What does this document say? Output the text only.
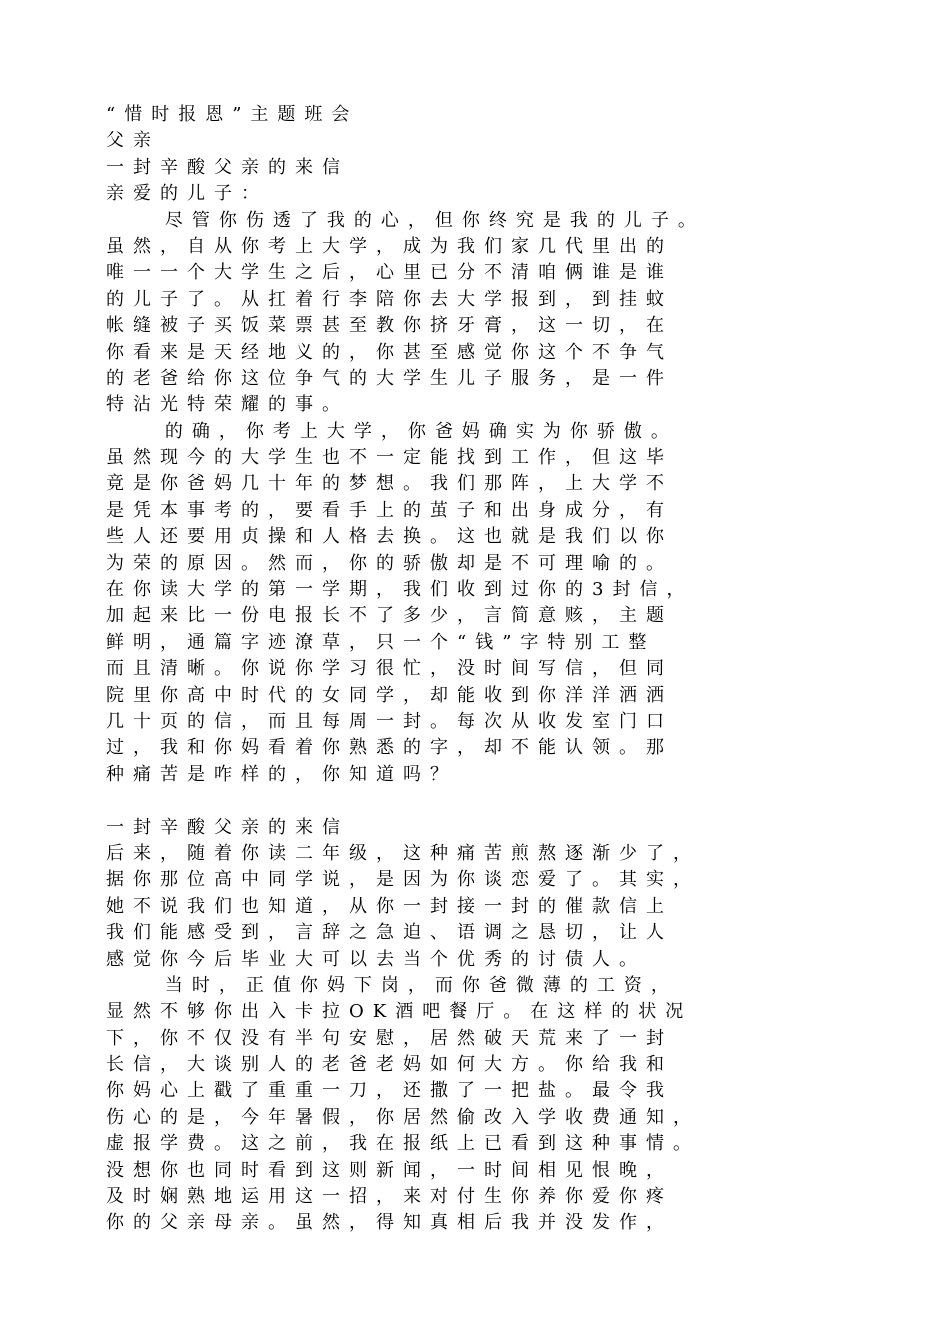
“惜时报恩”主题班会
父亲
一封辛酸父亲的来信
亲爱的儿子：
尽管你伤透了我的心，但你终究是我的儿子。
虽然，自从你考上大学，成为我们家几代里出的
唯一一个大学生之后，心里已分不清咱俩谁是谁
的儿子了。从扛着行李陪你去大学报到，到挂蚊
帐缝被子买饭菜票甚至教你挤牙膏，这一切，在
你看来是天经地义的，你甚至感觉你这个不争气
的老爸给你这位争气的大学生儿子服务，是一件
特沾光特荣耀的事。
的确，你考上大学，你爸妈确实为你骄傲。
虽然现今的大学生也不一定能找到工作，但这毕
竟是你爸妈几十年的梦想。我们那阵，上大学不
是凭本事考的，要看手上的茧子和出身成分，有
些人还要用贞操和人格去换。这也就是我们以你
为荣的原因。然而，你的骄傲却是不可理喻的。
在你读大学的第一学期，我们收到过你的3封信，
加起来比一份电报长不了多少，言简意赅，主题
鲜明，通篇字迹潦草，只一个“钱”字特别工整
而且清晰。你说你学习很忙，没时间写信，但同
院里你高中时代的女同学，却能收到你洋洋洒洒
几十页的信，而且每周一封。每次从收发室门口
过，我和你妈看着你熟悉的字，却不能认领。那
种痛苦是咋样的，你知道吗？
一封辛酸父亲的来信
后来，随着你读二年级，这种痛苦煎熬逐渐少了，
据你那位高中同学说，是因为你谈恋爱了。其实，
她不说我们也知道，从你一封接一封的催款信上
我们能感受到，言辞之急迫、语调之恳切，让人
感觉你今后毕业大可以去当个优秀的讨债人。
当时，正值你妈下岗，而你爸微薄的工资，
显然不够你出入卡拉OK酒吧餐厅。在这样的状况
下，你不仅没有半句安慰，居然破天荒来了一封
长信，大谈别人的老爸老妈如何大方。你给我和
你妈心上戳了重重一刀，还撒了一把盐。最令我
伤心的是，今年暑假，你居然偷改入学收费通知，
虚报学费。这之前，我在报纸上已看到这种事情。
没想你也同时看到这则新闻，一时间相见恨晚，
及时娴熟地运用这一招，来对付生你养你爱你疼
你的父亲母亲。虽然，得知真相后我并没发作，
